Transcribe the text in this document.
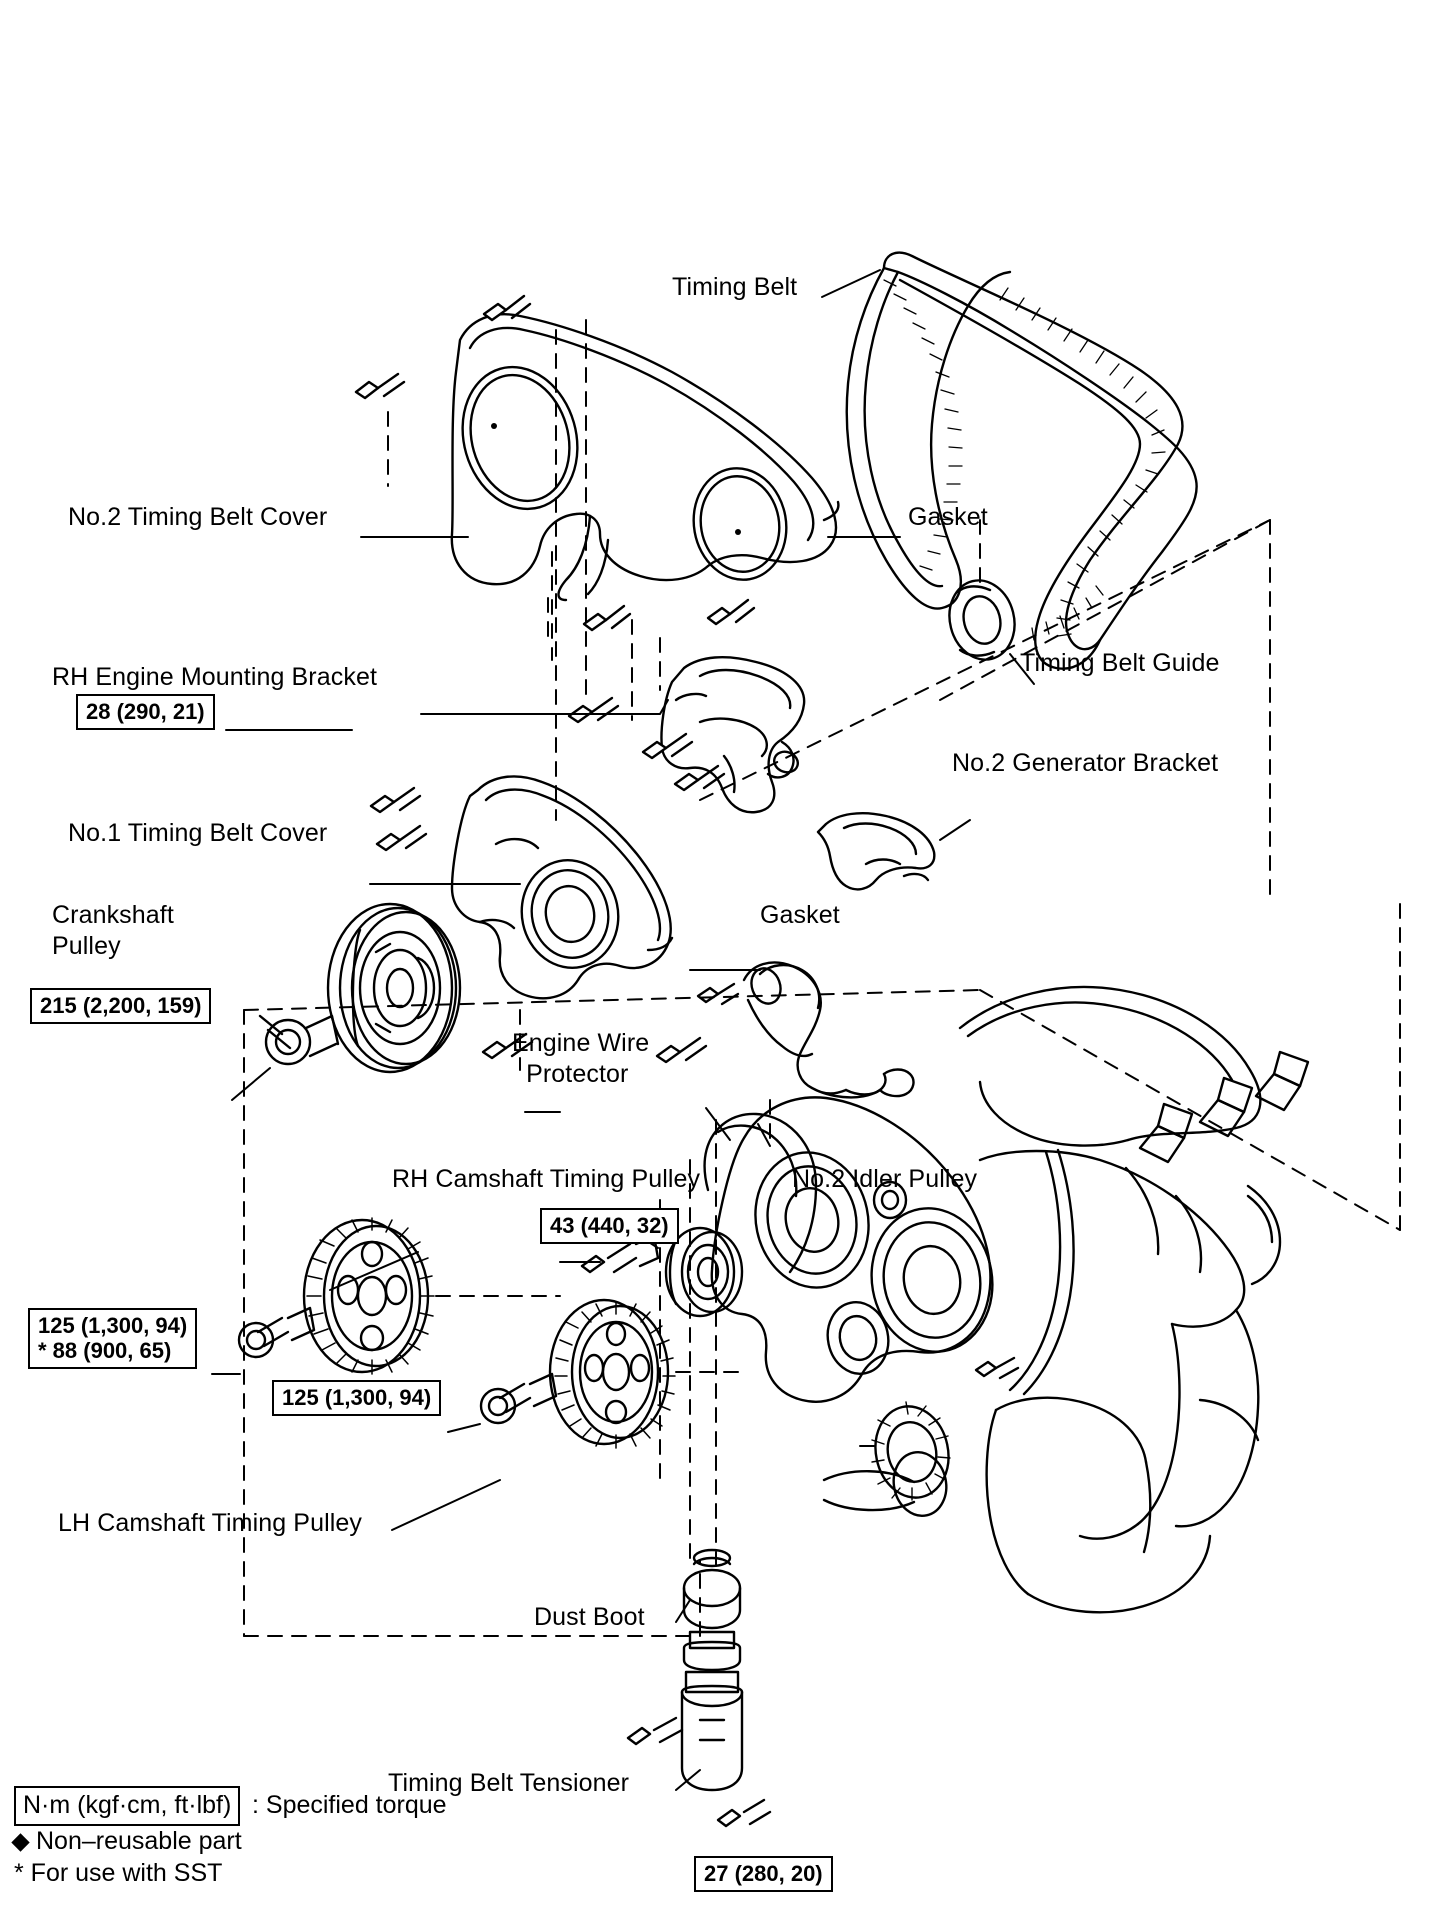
Timing Belt
No.2 Timing Belt Cover	Gasket
Timing Belt Guide
RH Engine Mounting Bracket
28 (290, 21)
No.2 Generator Bracket
No.1 Timing Belt Cover
Crankshaft
Pulley
215 (2,200, 159)
Gasket
Engine Wire
Protector
RH Camshaft Timing Pulley	No.2 Idler Pulley
43 (440, 32)
125 (1,300, 94)
* 88 (900, 65)
125 (1,300, 94)
LH Camshaft Timing Pulley
Dust Boot
Timing Belt Tensioner
27 (280, 20)
N·m (kgf·cm, ft·lbf) : Specified torque
Non–reusable part
* For use with SST
